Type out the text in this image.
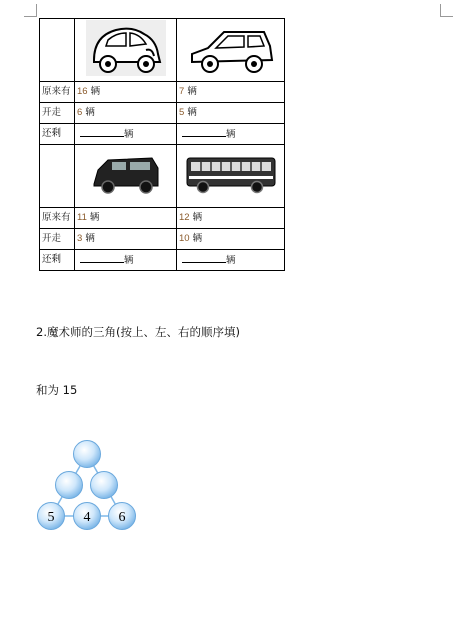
原来有	16 辆	7 辆
开走	6 辆	5 辆
还剩	辆	辆

原来有	11 辆	12 辆
开走	3 辆	10 辆
还剩	辆	辆
2.魔术师的三角(按上、左、右的顺序填)
和为 15
5 4 6
